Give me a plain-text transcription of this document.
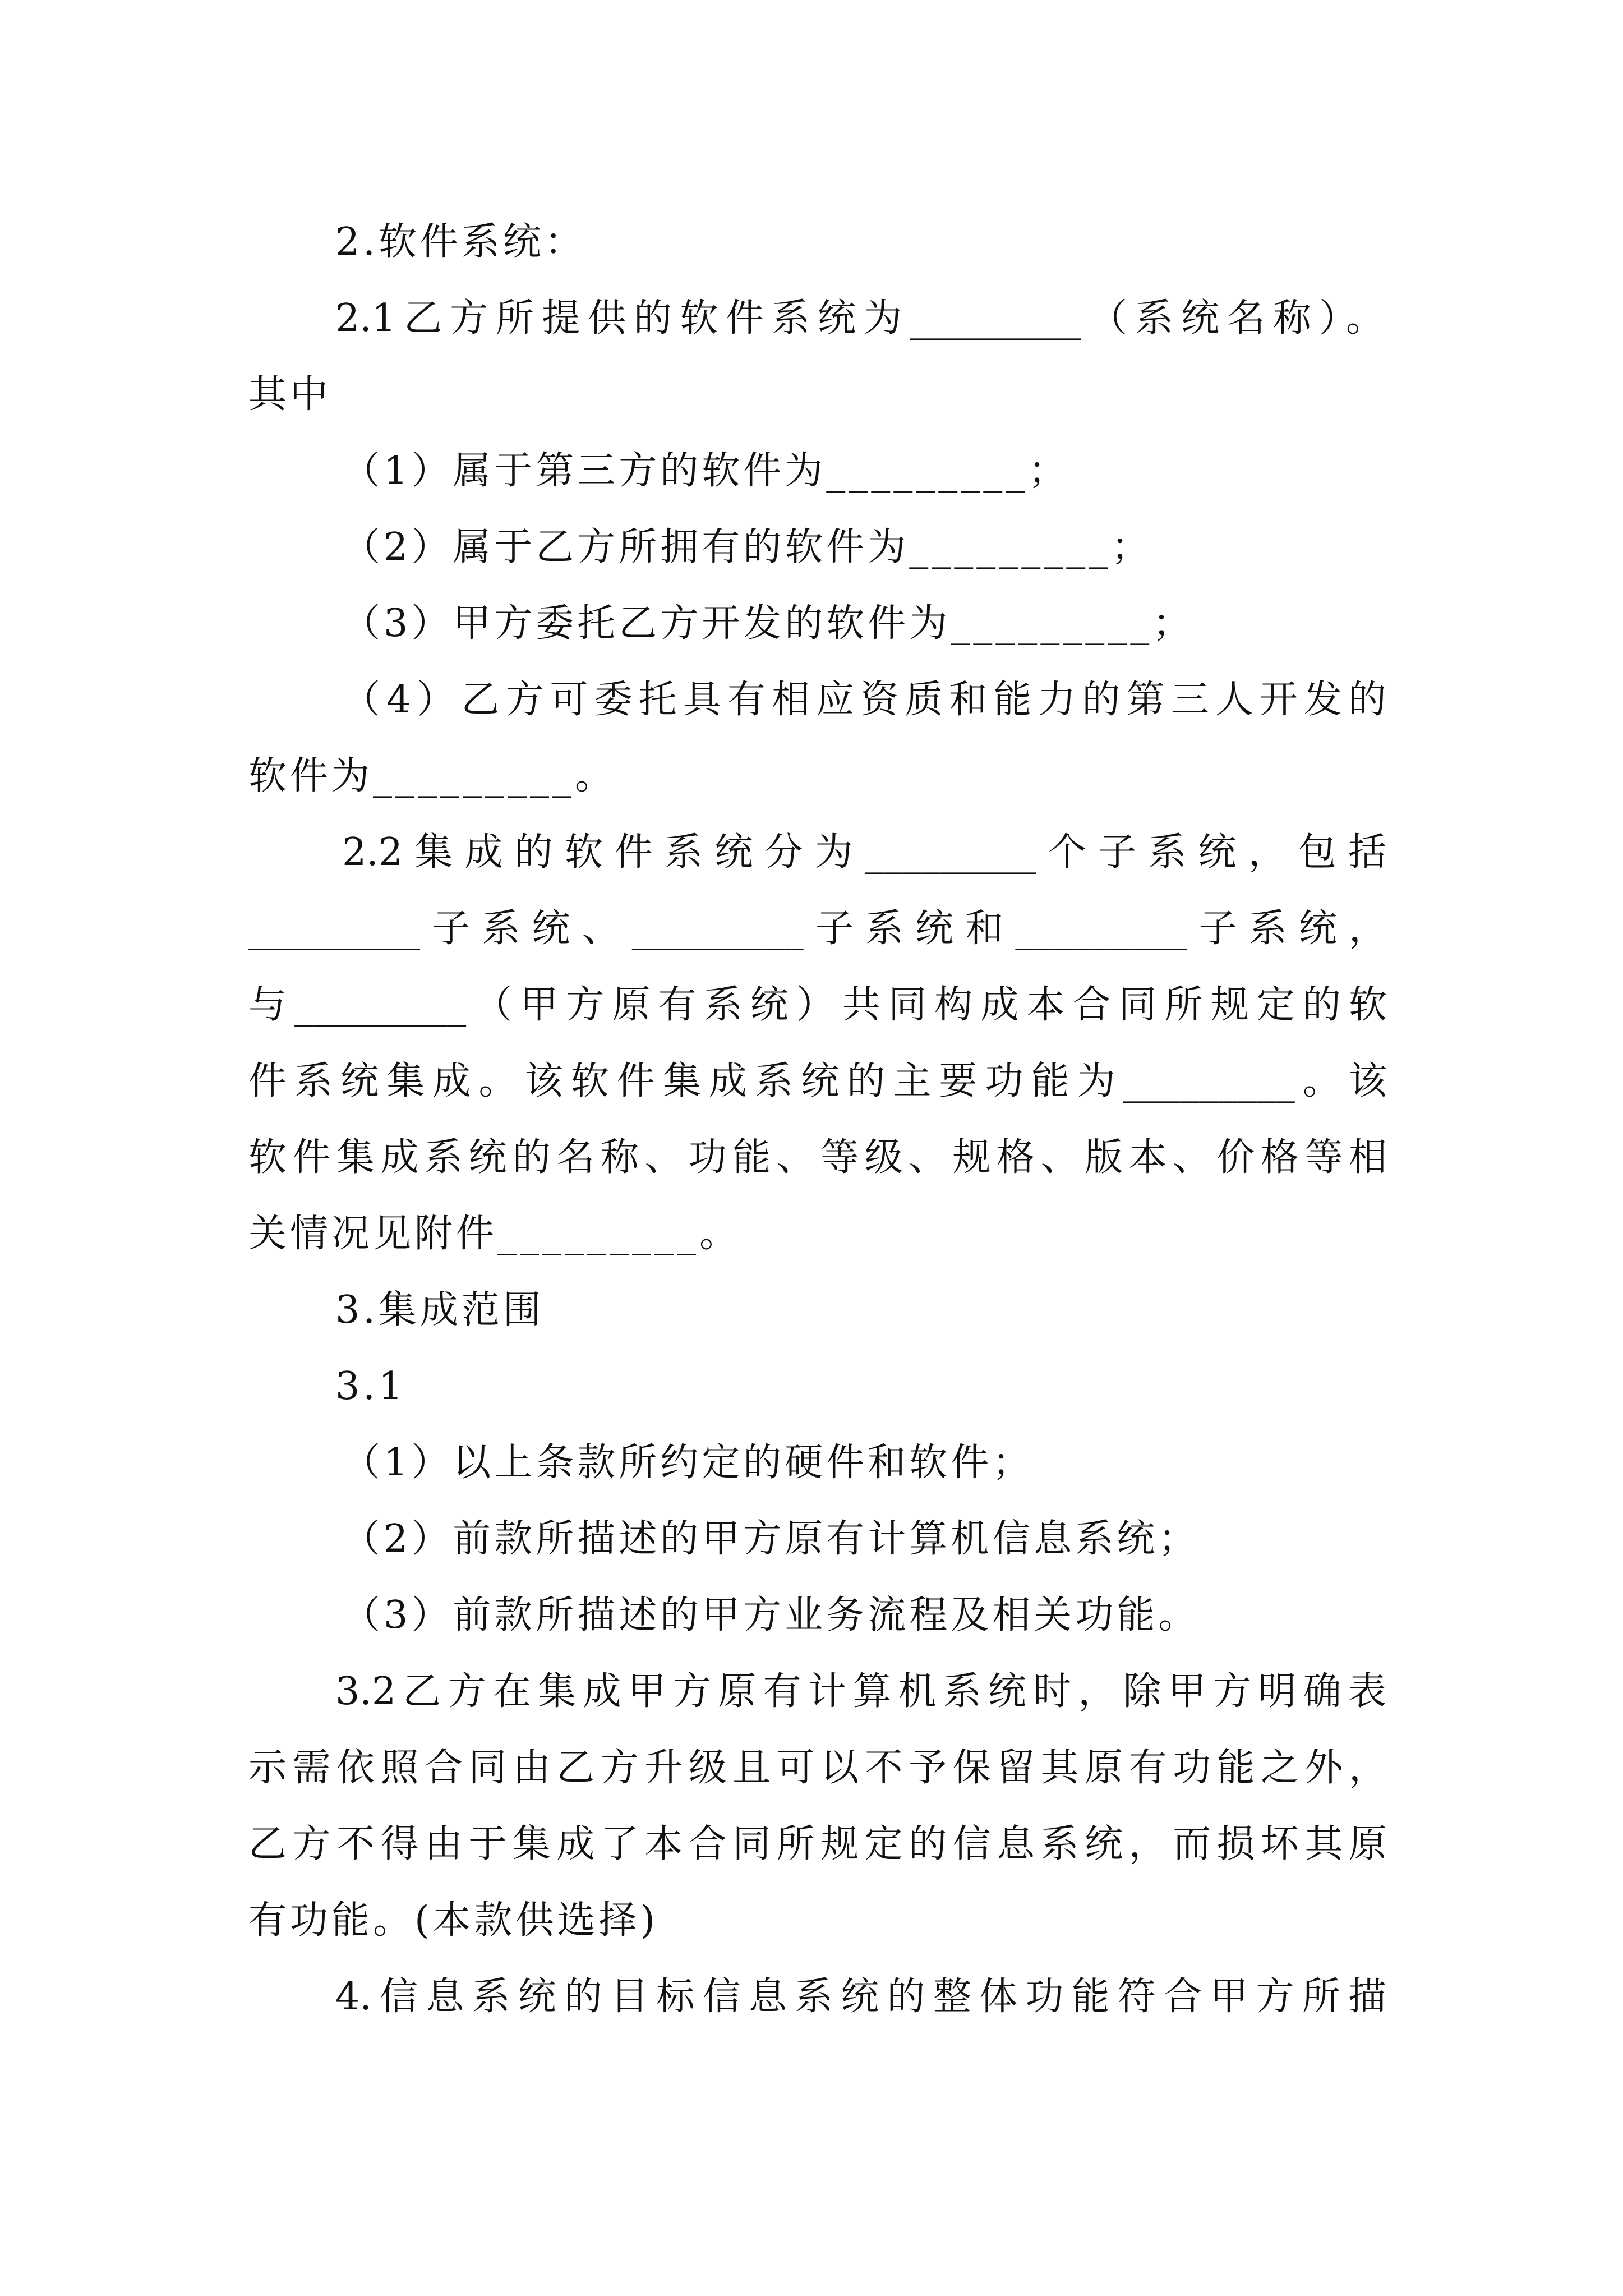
2.软件系统：
2.1乙方所提供的软件系统为_________（系统名称）。
其中
（1）属于第三方的软件为_________；
（2）属于乙方所拥有的软件为_________；
（3）甲方委托乙方开发的软件为_________；
（4）乙方可委托具有相应资质和能力的第三人开发的
软件为_________。
2.2集成的软件系统分为_________个子系统，包括
_________子系统、_________子系统和_________子系统，
与_________（甲方原有系统）共同构成本合同所规定的软
件系统集成。该软件集成系统的主要功能为_________。该
软件集成系统的名称、功能、等级、规格、版本、价格等相
关情况见附件_________。
3.集成范围
3.1
（1）以上条款所约定的硬件和软件；
（2）前款所描述的甲方原有计算机信息系统；
（3）前款所描述的甲方业务流程及相关功能。
3.2乙方在集成甲方原有计算机系统时，除甲方明确表
示需依照合同由乙方升级且可以不予保留其原有功能之外，
乙方不得由于集成了本合同所规定的信息系统，而损坏其原
有功能。(本款供选择)
4.信息系统的目标信息系统的整体功能符合甲方所描
